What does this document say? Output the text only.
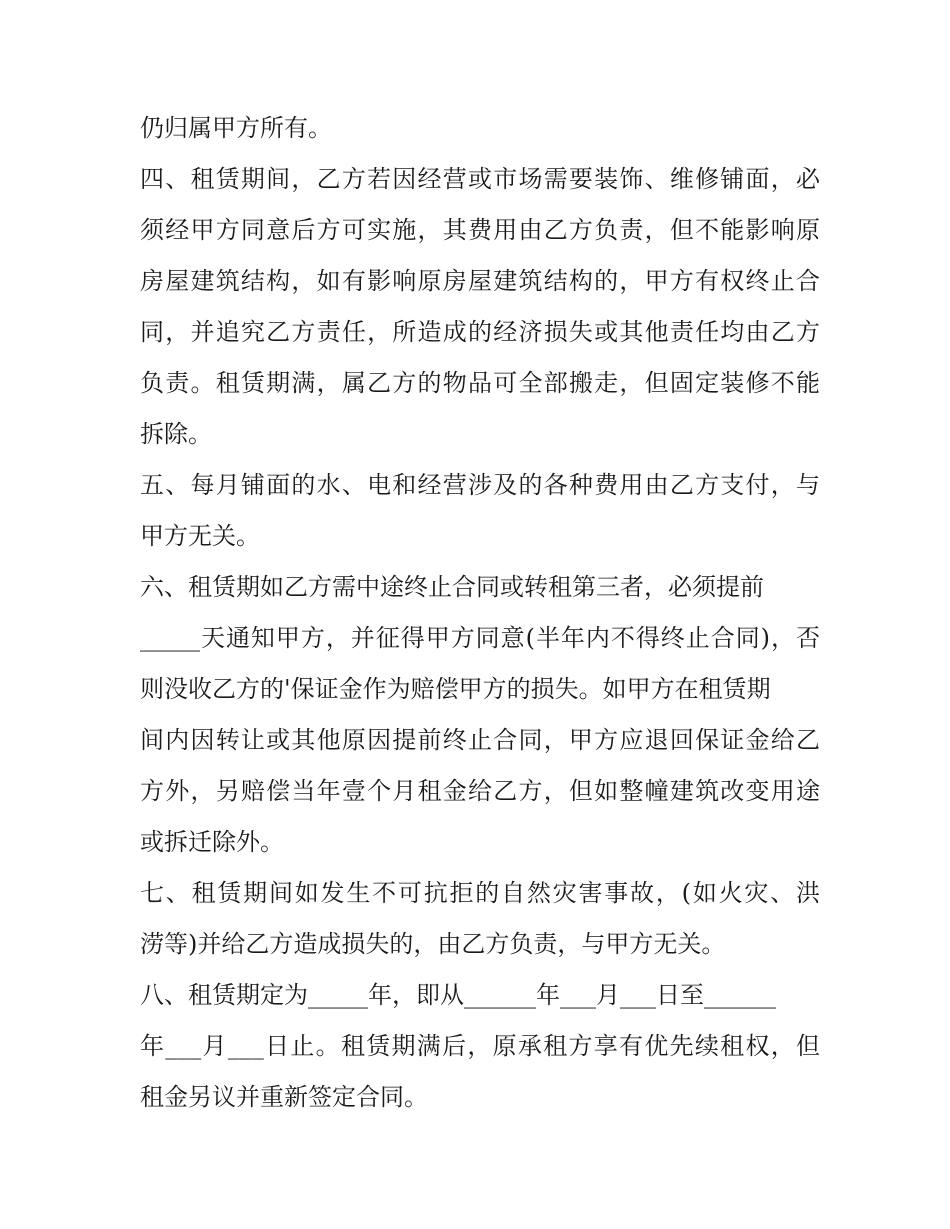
仍归属甲方所有。
四、租赁期间，乙方若因经营或市场需要装饰、维修铺面，必
须经甲方同意后方可实施，其费用由乙方负责，但不能影响原
房屋建筑结构，如有影响原房屋建筑结构的，甲方有权终止合
同，并追究乙方责任，所造成的经济损失或其他责任均由乙方
负责。租赁期满，属乙方的物品可全部搬走，但固定装修不能
拆除。
五、每月铺面的水、电和经营涉及的各种费用由乙方支付，与
甲方无关。
六、租赁期如乙方需中途终止合同或转租第三者，必须提前
_____天通知甲方，并征得甲方同意(半年内不得终止合同)，否
则没收乙方的'保证金作为赔偿甲方的损失。如甲方在租赁期
间内因转让或其他原因提前终止合同，甲方应退回保证金给乙
方外，另赔偿当年壹个月租金给乙方，但如整幢建筑改变用途
或拆迁除外。
七、租赁期间如发生不可抗拒的自然灾害事故，(如火灾、洪
涝等)并给乙方造成损失的，由乙方负责，与甲方无关。
八、租赁期定为_____年，即从______年___月___日至______
年___月___日止。租赁期满后，原承租方享有优先续租权，但
租金另议并重新签定合同。
